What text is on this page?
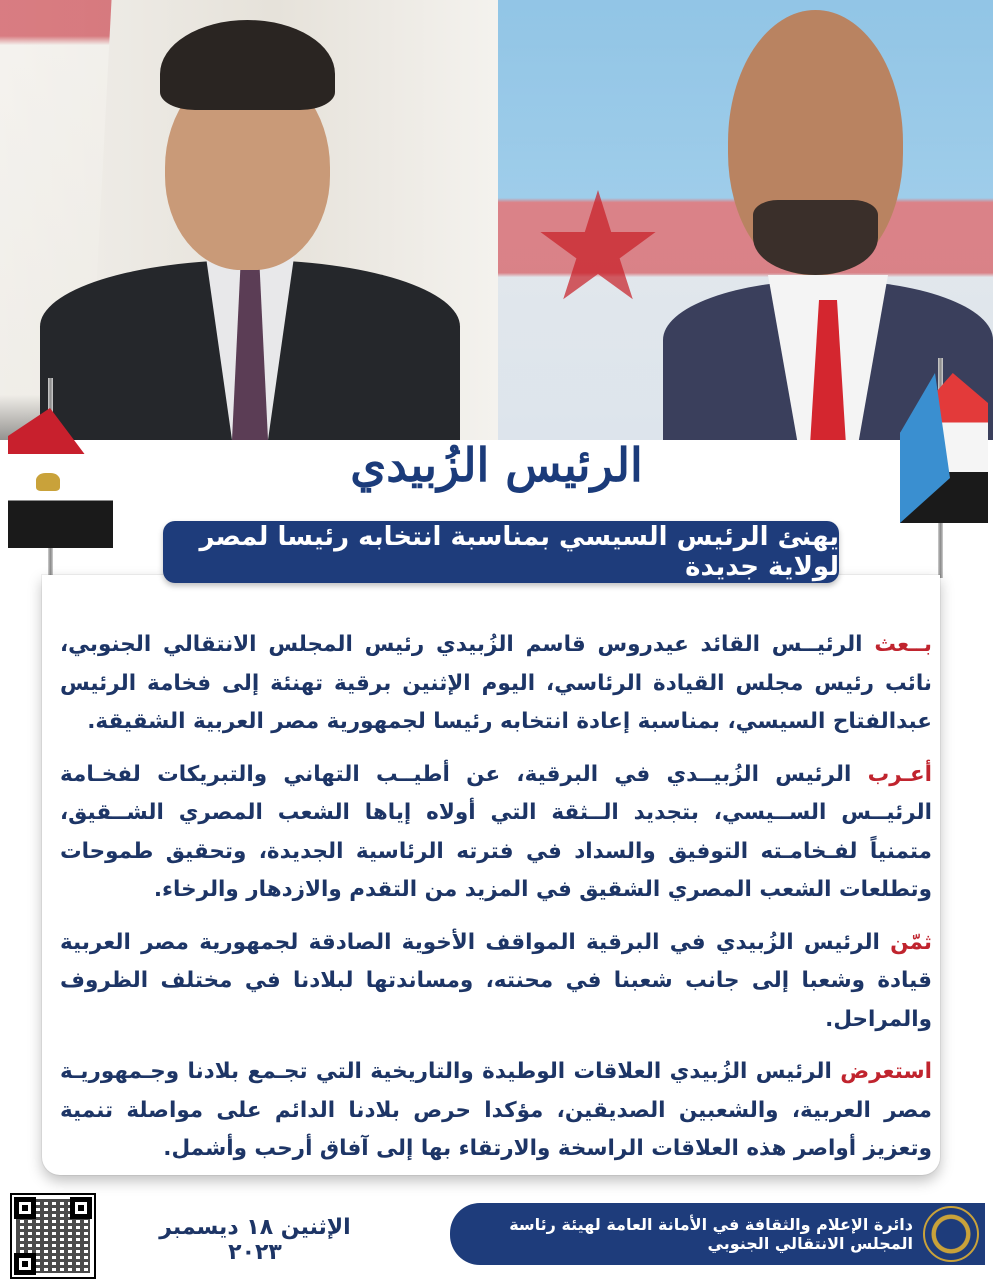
الرئيس الزُبيدي
يهنئ الرئيس السيسي بمناسبة انتخابه رئيسا لمصر لولاية جديدة

بــعث الرئيــس القائد عيدروس قاسم الزُبيدي رئيس المجلس الانتقالي الجنوبي، نائب رئيس مجلس القيادة الرئاسي، اليوم الإثنين برقية تهنئة إلى فخامة الرئيس عبدالفتاح السيسي، بمناسبة إعادة انتخابه رئيسا لجمهورية مصر العربية الشقيقة.

أعـرب الرئيس الزُبيــدي في البرقية، عن أطيــب التهاني والتبريكات لفخـامة الرئيــس الســيسي، بتجديد الــثقة التي أولاه إياها الشعب المصري الشــقيق، متمنياً لفـخامـته التوفيق والسداد في فترته الرئاسية الجديدة، وتحقيق طموحات وتطلعات الشعب المصري الشقيق في المزيد من التقدم والازدهار والرخاء.

ثمّن الرئيس الزُبيدي في البرقية المواقف الأخوية الصادقة لجمهورية مصر العربية قيادة وشعبا إلى جانب شعبنا في محنته، ومساندتها لبلادنا في مختلف الظروف والمراحل.

استعرض الرئيس الزُبيدي العلاقات الوطيدة والتاريخية التي تجـمع بلادنا وجـمهوريـة مصر العربية، والشعبين الصديقين، مؤكدا حرص بلادنا الدائم على مواصلة تنمية وتعزيز أواصر هذه العلاقات الراسخة والارتقاء بها إلى آفاق أرحب وأشمل.

الإثنين ١٨ ديسمبر ٢٠٢٣
دائرة الإعلام والثقافة في الأمانة العامة لهيئة رئاسة المجلس الانتقالي الجنوبي
